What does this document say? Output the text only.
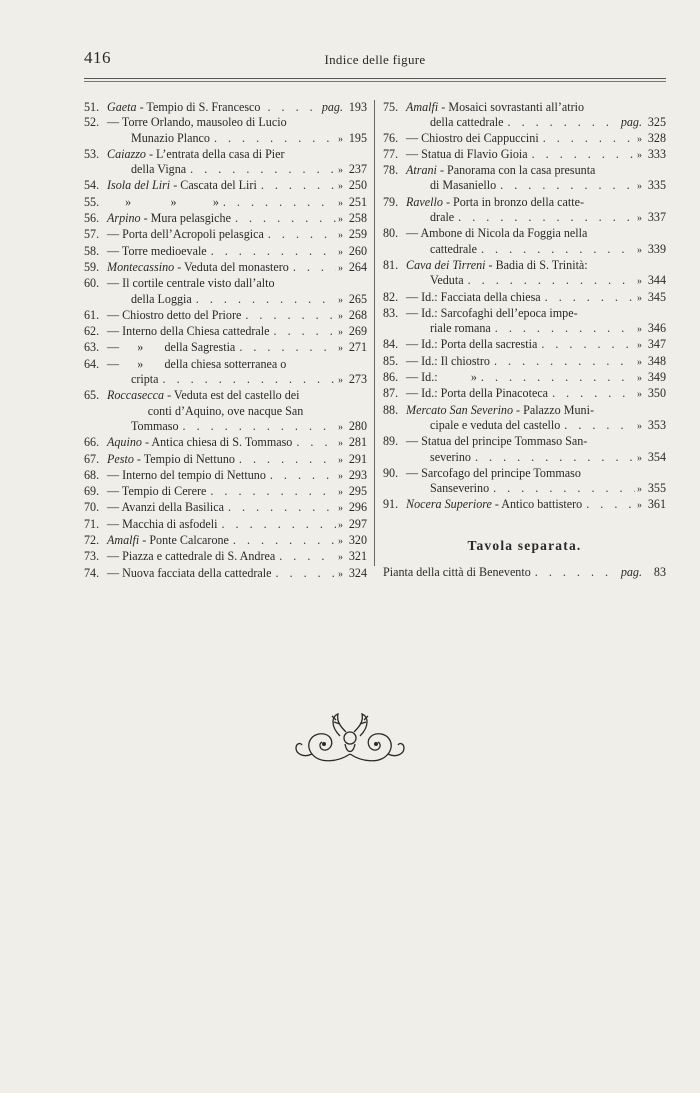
416	Indice delle figure
51. Gaeta - Tempio di S. Francesco . . .	pag. 193
52. — Torre Orlando, mausoleo di Lucio
Munazio Planco . . .	» 195
53. Caiazzo - L’entrata della casa di Pier
della Vigna . . .	» 237
54. Isola del Liri - Cascata del Liri . . .	» 250
55. »             »            » . . .	» 251
56. Arpino - Mura pelasgiche . . .	» 258
57. — Porta dell’Acropoli pelasgica . . .	» 259
58. — Torre medioevale . . .	» 260
59. Montecassino - Veduta del monastero . . .	» 264
60. — Il cortile centrale visto dall’alto
della Loggia . . .	» 265
61. — Chiostro detto del Priore . . .	» 268
62. — Interno della Chiesa cattedrale . . .	» 269
63. —      »       della Sagrestia . . .	» 271
64. —      »       della chiesa sotterranea o
cripta . . .	» 273
65. Roccasecca - Veduta est del castello dei
conti d’Aquino, ove nacque San
Tommaso . . .	» 280
66. Aquino - Antica chiesa di S. Tommaso . . .	» 281
67. Pesto - Tempio di Nettuno . . .	» 291
68. — Interno del tempio di Nettuno . . .	» 293
69. — Tempio di Cerere . . .	» 295
70. — Avanzi della Basilica . . .	» 296
71. — Macchia di asfodeli . . .	» 297
72. Amalfi - Ponte Calcarone . . .	» 320
73. — Piazza e cattedrale di S. Andrea . . .	» 321
74. — Nuova facciata della cattedrale . . .	» 324
75. Amalfi - Mosaici sovrastanti all’atrio
della cattedrale . . .	pag. 325
76. — Chiostro dei Cappuccini . . .	» 328
77. — Statua di Flavio Gioia . . .	» 333
78. Atrani - Panorama con la casa presunta
di Masaniello . . .	» 335
79. Ravello - Porta in bronzo della catte-
drale . . .	» 337
80. — Ambone di Nicola da Foggia nella
cattedrale . . .	» 339
81. Cava dei Tirreni - Badia di S. Trinità:
Veduta . . .	» 344
82. — Id.: Facciata della chiesa . . .	» 345
83. — Id.: Sarcofaghi dell’epoca impe-
riale romana . . .	» 346
84. — Id.: Porta della sacrestia . . .	» 347
85. — Id.: Il chiostro . . .	» 348
86. — Id.:           » . . .	» 349
87. — Id.: Porta della Pinacoteca . . .	» 350
88. Mercato San Severino - Palazzo Muni-
cipale e veduta del castello . . .	» 353
89. — Statua del principe Tommaso San-
severino . . .	» 354
90. — Sarcofago del principe Tommaso
Sanseverino . . .	» 355
91. Nocera Superiore - Antico battistero . . .	» 361
Tavola separata.
Pianta della città di Benevento . . .	pag. 83
